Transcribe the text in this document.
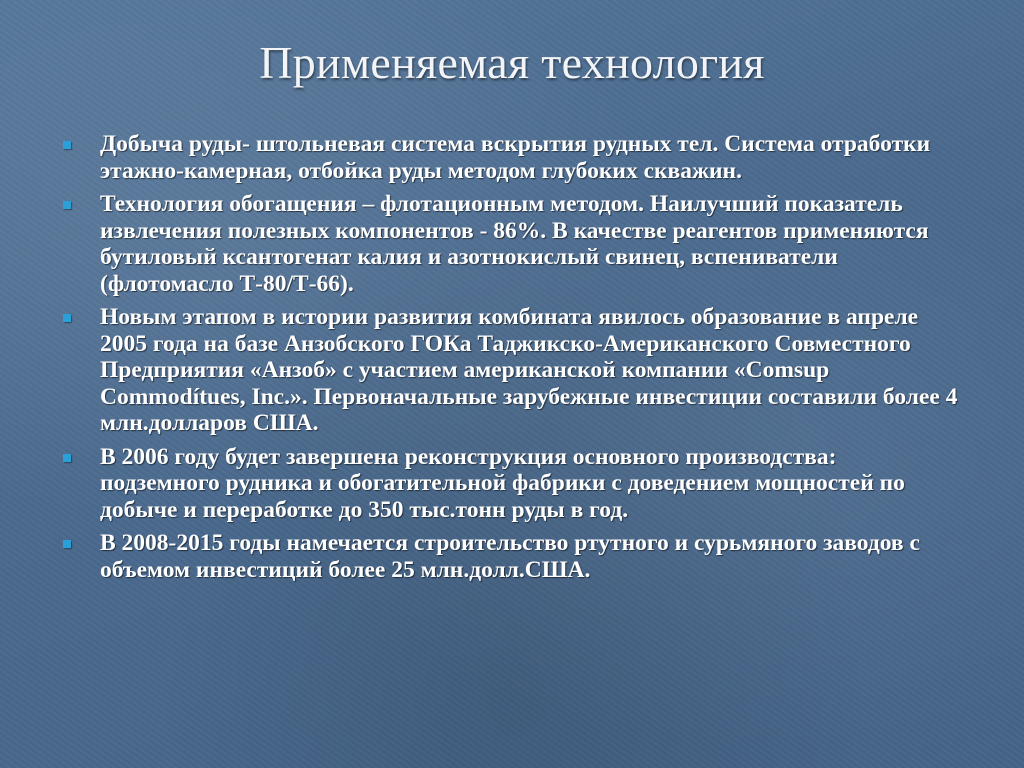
Применяемая технология
Добыча руды- штольневая система вскрытия рудных тел. Система отработки этажно-камерная, отбойка руды методом глубоких скважин.
Технология обогащения – флотационным методом. Наилучший показатель извлечения полезных компонентов - 86%. В качестве реагентов применяются бутиловый ксантогенат калия и азотнокислый свинец, вспениватели (флотомасло Т-80/Т-66).
Новым этапом в истории развития комбината явилось образование в апреле 2005 года на базе Анзобского ГОКа Таджикско-Американского Совместного Предприятия «Анзоб» с участием американской компании «Comsup Commodítues, Inc.». Первоначальные зарубежные инвестиции составили более 4 млн.долларов США.
В 2006 году будет завершена реконструкция основного производства: подземного рудника и обогатительной фабрики с доведением мощностей по добыче и переработке до 350 тыс.тонн руды в год.
В 2008-2015 годы намечается строительство ртутного и сурьмяного заводов с объемом инвестиций более 25 млн.долл.США.
